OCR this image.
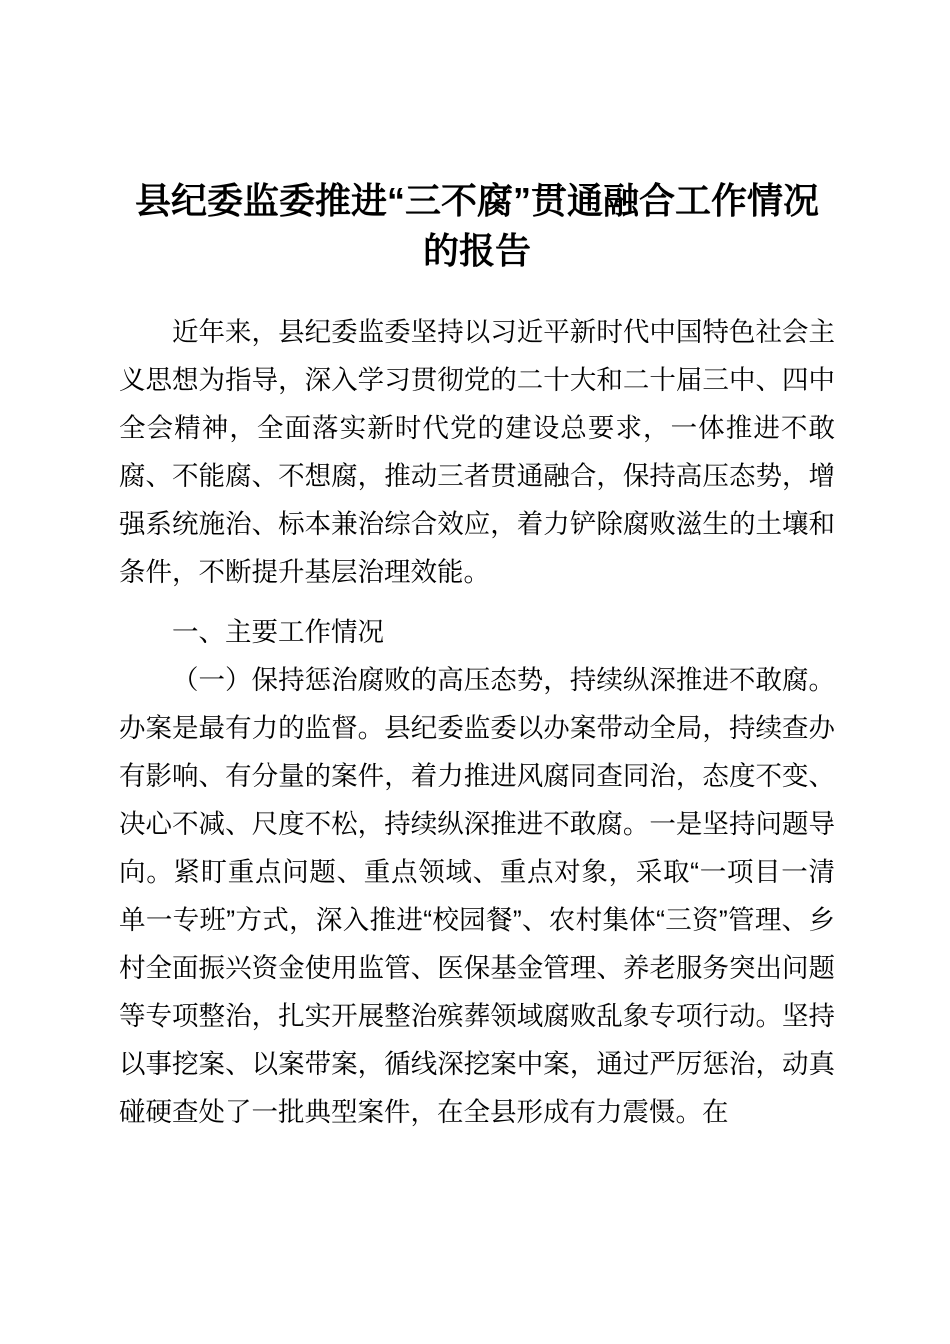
县纪委监委推进“三不腐”贯通融合工作情况的报告

近年来，县纪委监委坚持以习近平新时代中国特色社会主义思想为指导，深入学习贯彻党的二十大和二十届三中、四中全会精神，全面落实新时代党的建设总要求，一体推进不敢腐、不能腐、不想腐，推动三者贯通融合，保持高压态势，增强系统施治、标本兼治综合效应，着力铲除腐败滋生的土壤和条件，不断提升基层治理效能。

一、主要工作情况

（一）保持惩治腐败的高压态势，持续纵深推进不敢腐。办案是最有力的监督。县纪委监委以办案带动全局，持续查办有影响、有分量的案件，着力推进风腐同查同治，态度不变、决心不减、尺度不松，持续纵深推进不敢腐。一是坚持问题导向。紧盯重点问题、重点领域、重点对象，采取“一项目一清单一专班”方式，深入推进“校园餐”、农村集体“三资”管理、乡村全面振兴资金使用监管、医保基金管理、养老服务突出问题等专项整治，扎实开展整治殡葬领域腐败乱象专项行动。坚持以事挖案、以案带案，循线深挖案中案，通过严厉惩治，动真碰硬查处了一批典型案件，在全县形成有力震慑。在
